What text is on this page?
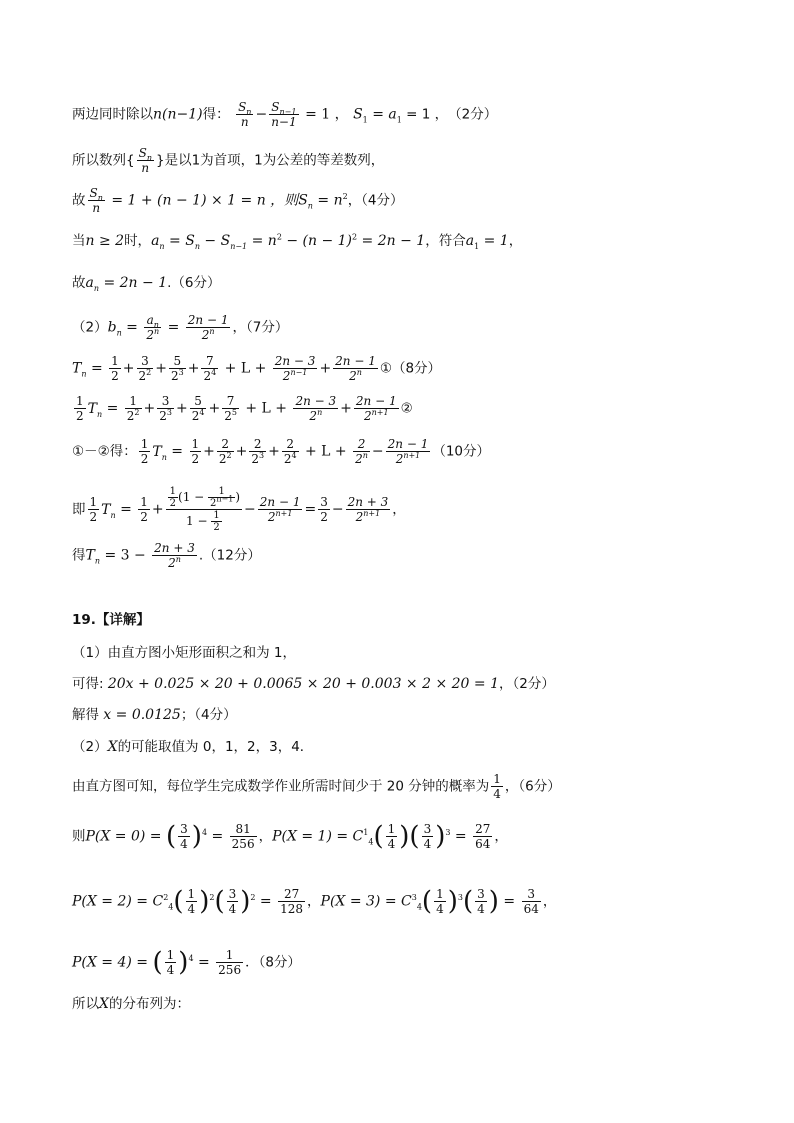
两边同时除以n(n−1)得： $\frac{S_n}{n} - \frac{S_{n-1}}{n-1} = 1$ ， $S_1 = a_1 = 1$ ，　（2分）
所以数列{ $\frac{S_n}{n}$ }是以1为首项，1为公差的等差数列，
故 $\frac{S_n}{n} = 1 + (n - 1) \times 1 = n$ ，则$S_n = n^2$，（4分）
当n ≥ 2时，$a_n = S_n - S_{n-1} = n^2 - (n - 1)^2 = 2n - 1$，符合$a_1 = 1$，
故$a_n = 2n - 1.(6$分）
$(2)b_n = \frac{a_n}{2^n} = \frac{2n - 1}{2^n}$ ，（7分）
$T_n = \frac{1}{2} + \frac{3}{2^2} + \frac{5}{2^3} + \frac{7}{2^4} + L + \frac{2n - 3}{2^{n-1}} + \frac{2n - 1}{2^n}$ ①（8分）
$\frac{1}{2} T_n = \frac{1}{2^2} + \frac{3}{2^3} + \frac{5}{2^4} + \frac{7}{2^5} + L + \frac{2n - 3}{2^n} + \frac{2n - 1}{2^{n+1}}$ ②
①－②得： $\frac{1}{2} T_n = \frac{1}{2} + \frac{2}{2^2} + \frac{2}{2^3} + \frac{2}{2^4} + L + \frac{2}{2^n} - \frac{2n - 1}{2^{n+1}} (10$分）
即 $\frac{1}{2} T_n = \frac{1}{2} + \frac{\frac{1}{2} (1 - \frac{1}{2^{n-1}} )}{1 - \frac{1}{2}} - \frac{2n - 1}{2^{n+1}} = \frac{3}{2} - \frac{2n + 3}{2^{n+1}}$ ，
得$T_n = 3 - \frac{2n + 3}{2^n} .(12$分）
19.【详解】
（1）由直方图小矩形面积之和为 1，
可得: 20x + 0.025 × 20 + 0.0065 × 20 + 0.003 × 2 × 20 = 1，（2分）
解得 x = 0.0125；（4分）
（2）X的可能取值为 0，1，2，3，4．
由直方图可知，每位学生完成数学作业所需时间少于 20 分钟的概率为 $\frac{1}{4}$ ，（6分）
则P(X = 0) = ( $\frac{3}{4} )^4 = \frac{81}{256}$ ，$P(X = 1) = C^1_4( \frac{1}{4}$ )( $\frac{3}{4} )^3 = \frac{27}{64}$ ，
$P(X = 2) = C^2_4( \frac{1}{4} )^2( \frac{3}{4} )^2 = \frac{27}{128}$ ，$P(X = 3) = C^3_4( \frac{1}{4} )^3( \frac{3}{4}$ ) = $\frac{3}{64}$ ，
P(X = 4) = ( $\frac{1}{4} )^4 = \frac{1}{256}$ ．（8分）
所以X的分布列为：
